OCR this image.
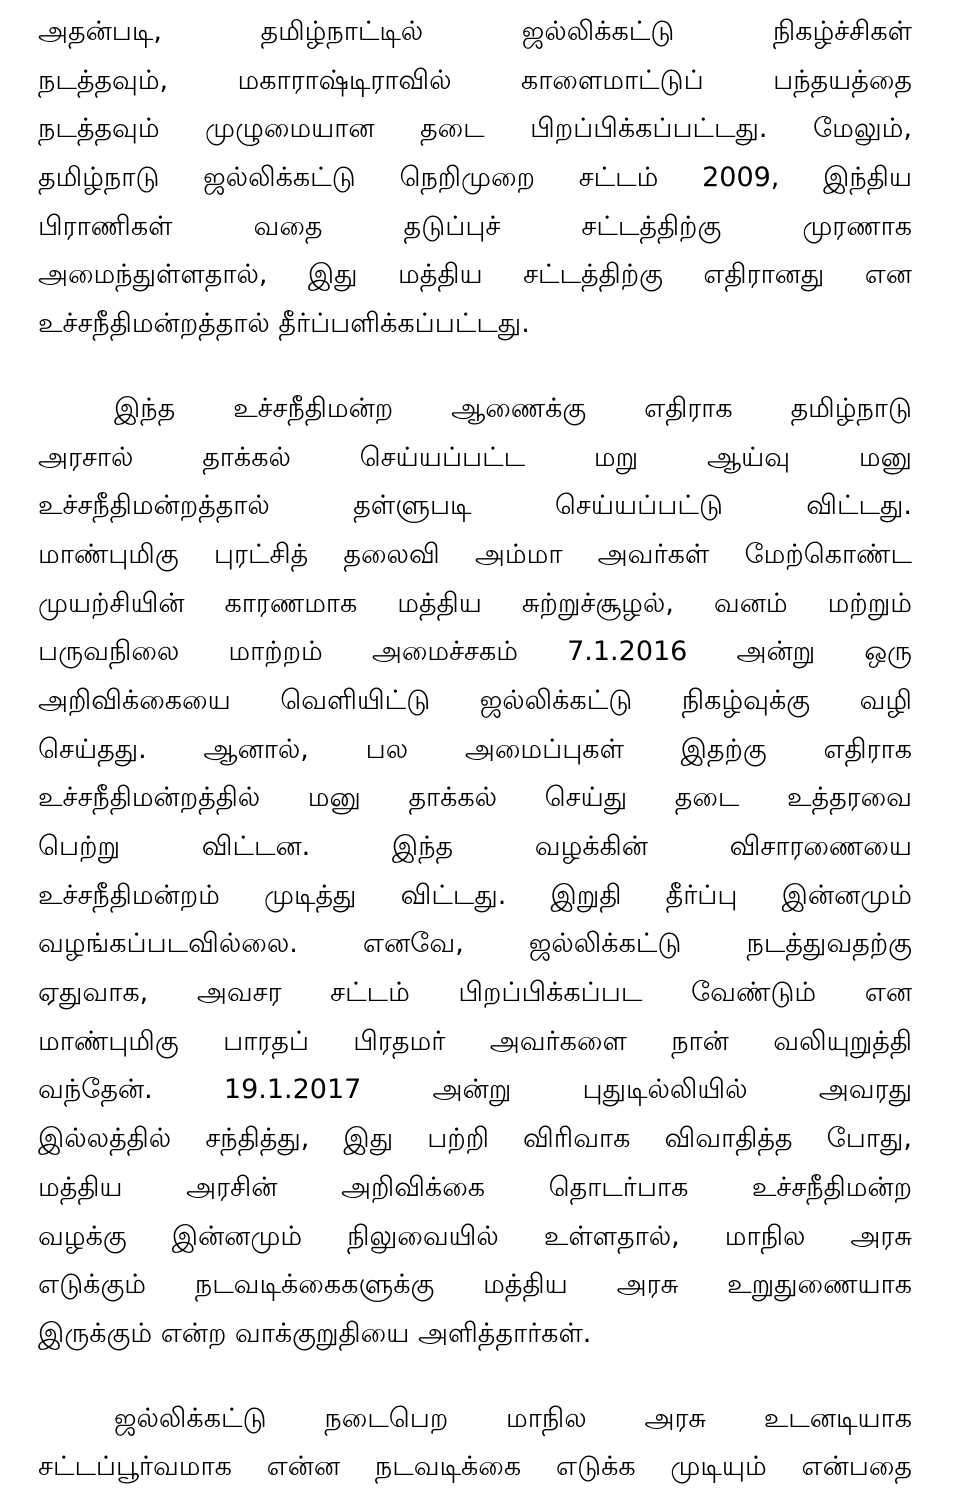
அதன்படி, தமிழ்நாட்டில் ஜல்லிக்கட்டு நிகழ்ச்சிகள்
நடத்தவும், மகாராஷ்டிராவில் காளைமாட்டுப் பந்தயத்தை
நடத்தவும் முழுமையான தடை பிறப்பிக்கப்பட்டது. மேலும்,
தமிழ்நாடு ஜல்லிக்கட்டு நெறிமுறை சட்டம் 2009, இந்திய
பிராணிகள் வதை தடுப்புச் சட்டத்திற்கு முரணாக
அமைந்துள்ளதால், இது மத்திய சட்டத்திற்கு எதிரானது என
உச்சநீதிமன்றத்தால் தீர்ப்பளிக்கப்பட்டது.
இந்த உச்சநீதிமன்ற ஆணைக்கு எதிராக தமிழ்நாடு
அரசால் தாக்கல் செய்யப்பட்ட மறு ஆய்வு மனு
உச்சநீதிமன்றத்தால் தள்ளுபடி செய்யப்பட்டு விட்டது.
மாண்புமிகு புரட்சித் தலைவி அம்மா அவர்கள் மேற்கொண்ட
முயற்சியின் காரணமாக மத்திய சுற்றுச்சூழல், வனம் மற்றும்
பருவநிலை மாற்றம் அமைச்சகம் 7.1.2016 அன்று ஒரு
அறிவிக்கையை வெளியிட்டு ஜல்லிக்கட்டு நிகழ்வுக்கு வழி
செய்தது. ஆனால், பல அமைப்புகள் இதற்கு எதிராக
உச்சநீதிமன்றத்தில் மனு தாக்கல் செய்து தடை உத்தரவை
பெற்று விட்டன. இந்த வழக்கின் விசாரணையை
உச்சநீதிமன்றம் முடித்து விட்டது. இறுதி தீர்ப்பு இன்னமும்
வழங்கப்படவில்லை. எனவே, ஜல்லிக்கட்டு நடத்துவதற்கு
ஏதுவாக, அவசர சட்டம் பிறப்பிக்கப்பட வேண்டும் என
மாண்புமிகு பாரதப் பிரதமர் அவர்களை நான் வலியுறுத்தி
வந்தேன். 19.1.2017 அன்று புதுடில்லியில் அவரது
இல்லத்தில் சந்தித்து, இது பற்றி விரிவாக விவாதித்த போது,
மத்திய அரசின் அறிவிக்கை தொடர்பாக உச்சநீதிமன்ற
வழக்கு இன்னமும் நிலுவையில் உள்ளதால், மாநில அரசு
எடுக்கும் நடவடிக்கைகளுக்கு மத்திய அரசு உறுதுணையாக
இருக்கும் என்ற வாக்குறுதியை அளித்தார்கள்.
ஜல்லிக்கட்டு நடைபெற மாநில அரசு உடனடியாக
சட்டப்பூர்வமாக என்ன நடவடிக்கை எடுக்க முடியும் என்பதை
